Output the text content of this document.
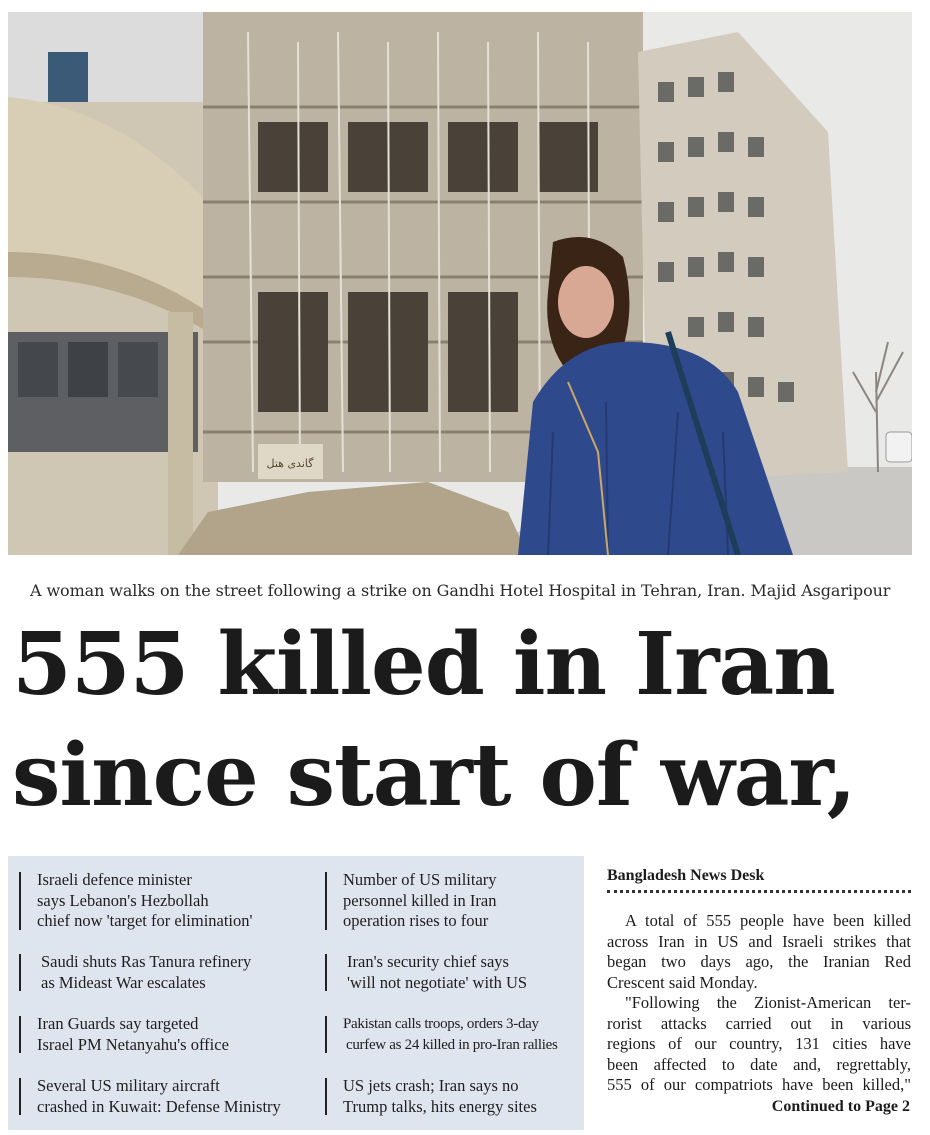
گاندی هتل
A woman walks on the street following a strike on Gandhi Hotel Hospital in Tehran, Iran. Majid Asgaripour
555 killed in Iran
since start of war,
Israeli defence minister
says Lebanon's Hezbollah
chief now 'target for elimination'
Saudi shuts Ras Tanura refinery
as Mideast War escalates
Iran Guards say targeted
Israel PM Netanyahu's office
Several US military aircraft
crashed in Kuwait: Defense Ministry
Number of US military
personnel killed in Iran
operation rises to four
Iran's security chief says
'will not negotiate' with US
Pakistan calls troops, orders 3-day
curfew as 24 killed in pro-Iran rallies
US jets crash; Iran says no
Trump talks, hits energy sites
Bangladesh News Desk
A total of 555 people have been killed
across Iran in US and Israeli strikes that
began two days ago, the Iranian Red
Crescent said Monday.
"Following the Zionist-American ter-
rorist attacks carried out in various
regions of our country, 131 cities have
been affected to date and, regrettably,
555 of our compatriots have been killed,"
Continued to Page 2
